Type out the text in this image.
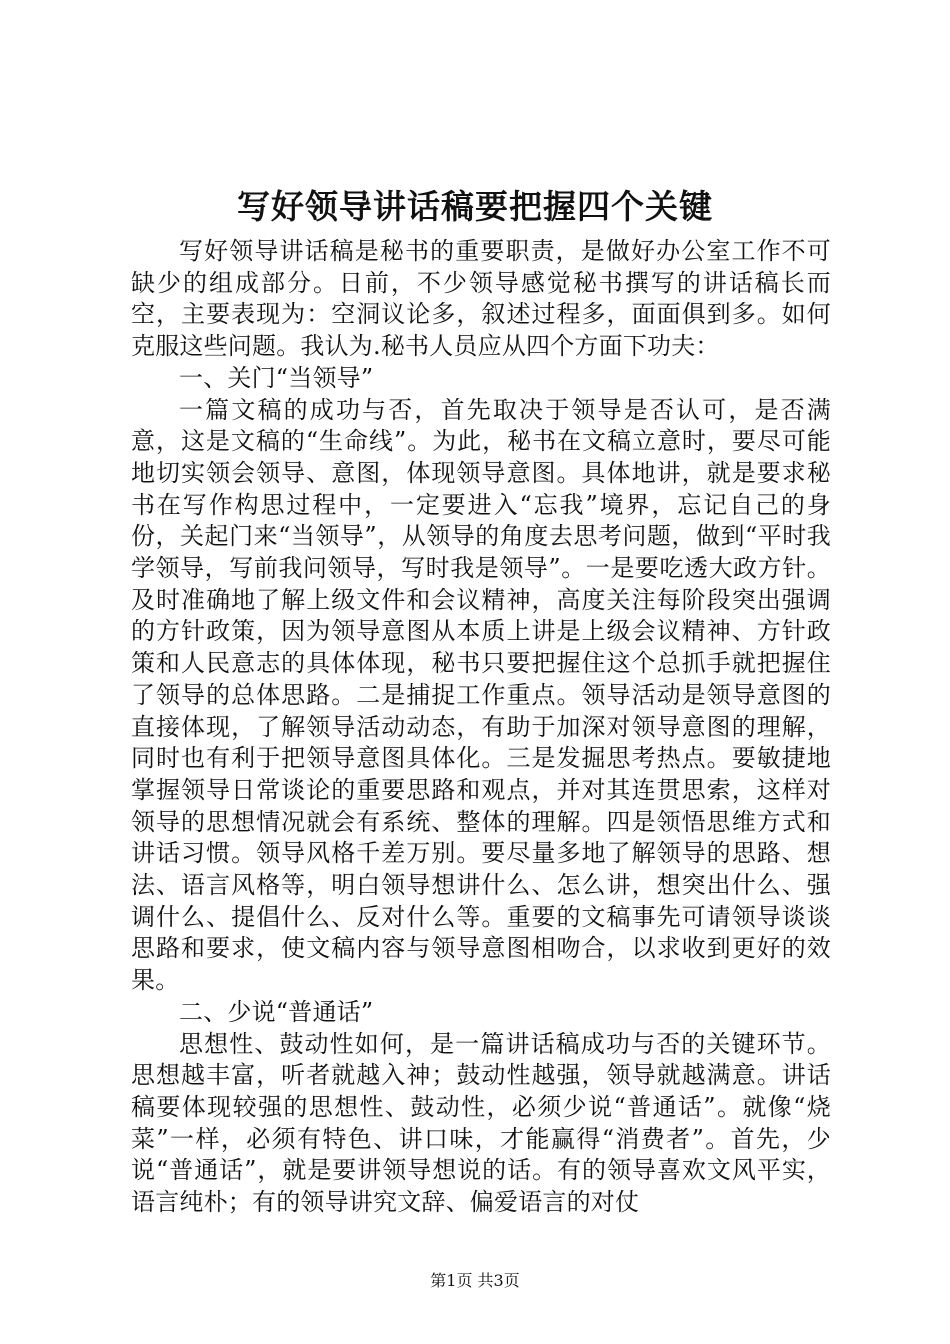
写好领导讲话稿要把握四个关键

写好领导讲话稿是秘书的重要职责，是做好办公室工作不可缺少的组成部分。日前，不少领导感觉秘书撰写的讲话稿长而空，主要表现为：空洞议论多，叙述过程多，面面俱到多。如何克服这些问题。我认为.秘书人员应从四个方面下功夫：

一、关门“当领导”

一篇文稿的成功与否，首先取决于领导是否认可，是否满意，这是文稿的“生命线”。为此，秘书在文稿立意时，要尽可能地切实领会领导、意图，体现领导意图。具体地讲，就是要求秘书在写作构思过程中，一定要进入“忘我”境界，忘记自己的身份，关起门来“当领导”，从领导的角度去思考问题，做到“平时我学领导，写前我问领导，写时我是领导”。一是要吃透大政方针。及时准确地了解上级文件和会议精神，高度关注每阶段突出强调的方针政策，因为领导意图从本质上讲是上级会议精神、方针政策和人民意志的具体体现，秘书只要把握住这个总抓手就把握住了领导的总体思路。二是捕捉工作重点。领导活动是领导意图的直接体现，了解领导活动动态，有助于加深对领导意图的理解，同时也有利于把领导意图具体化。三是发掘思考热点。要敏捷地掌握领导日常谈论的重要思路和观点，并对其连贯思索，这样对领导的思想情况就会有系统、整体的理解。四是领悟思维方式和讲话习惯。领导风格千差万别。要尽量多地了解领导的思路、想法、语言风格等，明白领导想讲什么、怎么讲，想突出什么、强调什么、提倡什么、反对什么等。重要的文稿事先可请领导谈谈思路和要求，使文稿内容与领导意图相吻合，以求收到更好的效果。

二、少说“普通话”

思想性、鼓动性如何，是一篇讲话稿成功与否的关键环节。思想越丰富，听者就越入神；鼓动性越强，领导就越满意。讲话稿要体现较强的思想性、鼓动性，必须少说“普通话”。就像“烧菜”一样，必须有特色、讲口味，才能赢得“消费者”。首先，少说“普通话”，就是要讲领导想说的话。有的领导喜欢文风平实，语言纯朴；有的领导讲究文辞、偏爱语言的对仗

第1页 共3页
